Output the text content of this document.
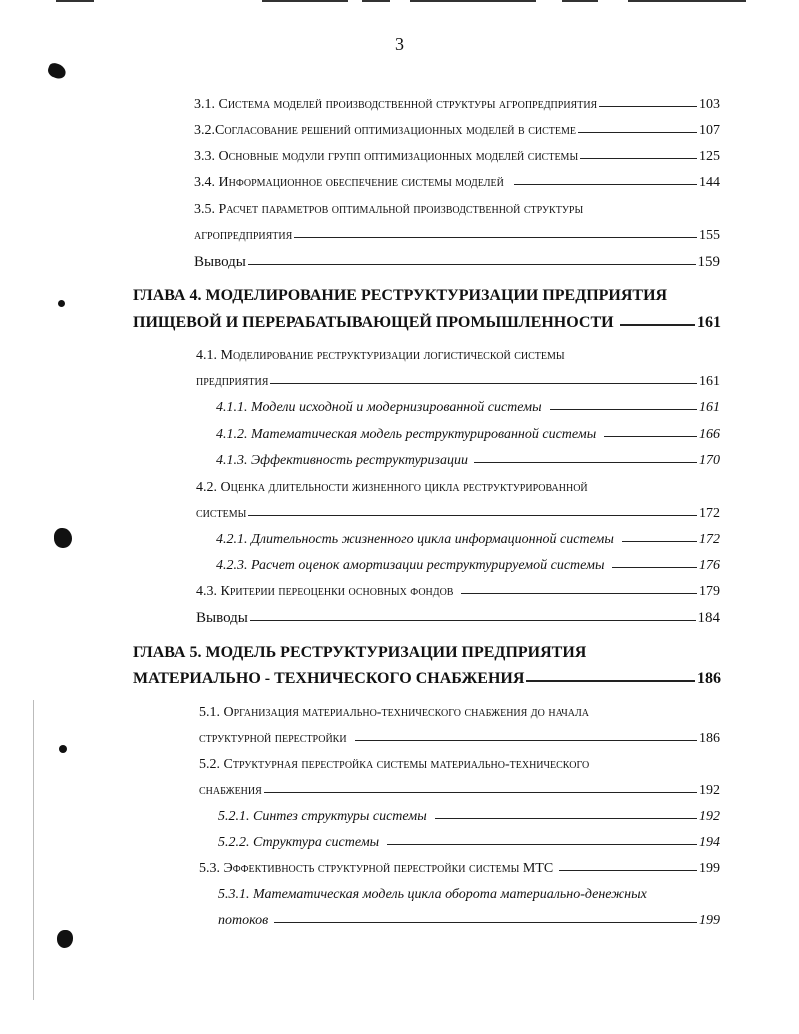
3
3.1. Система моделей производственной структуры агропредприятия	103
3.2.Согласование решений оптимизационных моделей в системе	107
3.3. Основные модули групп оптимизационных моделей системы	125
3.4. Информационное обеспечение системы моделей	144
3.5. Расчет параметров оптимальной производственной структуры
агропредприятия	155
Выводы	159
ГЛАВА 4. МОДЕЛИРОВАНИЕ РЕСТРУКТУРИЗАЦИИ ПРЕДПРИЯТИЯ
ПИЩЕВОЙ И ПЕРЕРАБАТЫВАЮЩЕЙ ПРОМЫШЛЕННОСТИ	161
4.1. Моделирование реструктуризации логистической системы
предприятия	161
4.1.1. Модели исходной и модернизированной системы	161
4.1.2. Математическая модель реструктурированной системы	166
4.1.3. Эффективность реструктуризации	170
4.2. Оценка длительности жизненного цикла реструктурированной
системы	172
4.2.1. Длительность жизненного цикла информационной системы	172
4.2.3. Расчет оценок амортизации реструктурируемой системы	176
4.3. Критерии переоценки основных фондов	179
Выводы	184
ГЛАВА 5. МОДЕЛЬ РЕСТРУКТУРИЗАЦИИ ПРЕДПРИЯТИЯ
МАТЕРИАЛЬНО - ТЕХНИЧЕСКОГО СНАБЖЕНИЯ	186
5.1. Организация материально-технического снабжения до начала
структурной перестройки	186
5.2. Структурная перестройка системы материально-технического
снабжения	192
5.2.1. Синтез структуры системы	192
5.2.2. Структура системы	194
5.3. Эффективность структурной перестройки системы МТС	199
5.3.1. Математическая модель цикла оборота материально-денежных
потоков	199
